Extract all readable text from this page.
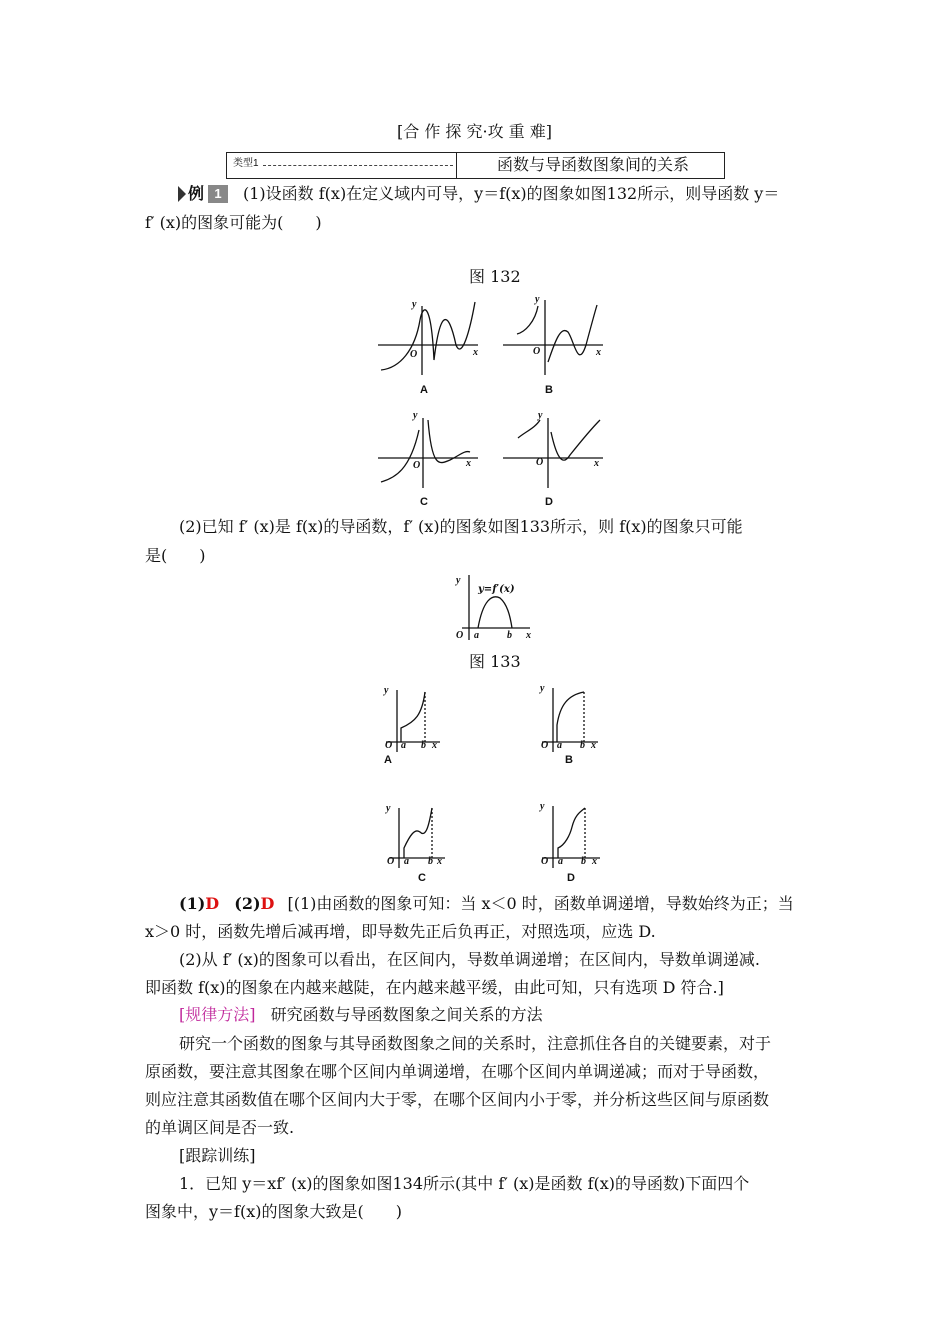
[合 作 探 究·攻 重 难]
类型1	函数与导函数图象间的关系
例 1	(1)设函数 f(x)在定义域内可导，y＝f(x)的图象如图132所示，则导函数 y＝
f′ (x)的图象可能为(　　)
图 132
y
x
O
y
x
O
y
x
O
y
x
O
A	B
C	D
(2)已知 f′ (x)是 f(x)的导函数，f′ (x)的图象如图133所示，则 f(x)的图象只可能
是(　　)
y
x
O a	b
y=f′(x)
图 133
y
x
O a b
y
x
O a b
y
x
O a b
y
x
O a b
A	B
C	D
(1)D (2)D [(1)由函数的图象可知：当 x＜0 时，函数单调递增，导数始终为正；当
x＞0 时，函数先增后减再增，即导数先正后负再正，对照选项，应选 D.
(2)从 f′ (x)的图象可以看出，在区间内，导数单调递增；在区间内，导数单调递减.
即函数 f(x)的图象在内越来越陡，在内越来越平缓，由此可知，只有选项 D 符合.]
[规律方法] 研究函数与导函数图象之间关系的方法
研究一个函数的图象与其导函数图象之间的关系时，注意抓住各自的关键要素，对于
原函数，要注意其图象在哪个区间内单调递增，在哪个区间内单调递减；而对于导函数，
则应注意其函数值在哪个区间内大于零，在哪个区间内小于零，并分析这些区间与原函数
的单调区间是否一致.
[跟踪训练]
1．已知 y＝xf′ (x)的图象如图134所示(其中 f′ (x)是函数 f(x)的导函数)下面四个
图象中，y＝f(x)的图象大致是(　　)
